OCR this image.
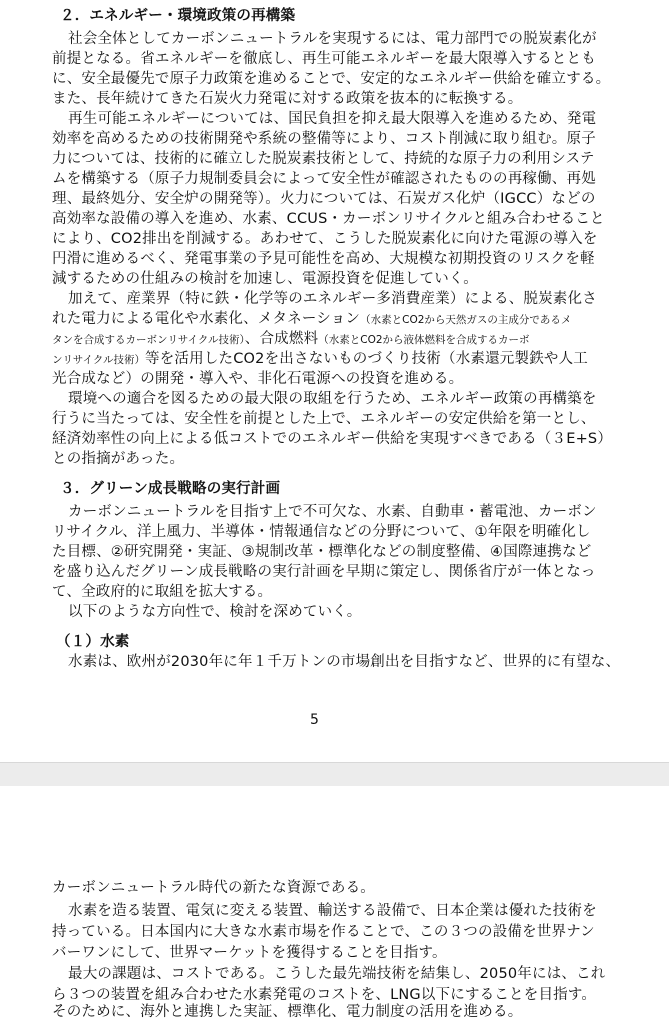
２．エネルギー・環境政策の再構築

社会全体としてカーボンニュートラルを実現するには、電力部門での脱炭素化が

前提となる。省エネルギーを徹底し、再生可能エネルギーを最大限導入するととも

に、安全最優先で原子力政策を進めることで、安定的なエネルギー供給を確立する。

また、長年続けてきた石炭火力発電に対する政策を抜本的に転換する。

再生可能エネルギーについては、国民負担を抑え最大限導入を進めるため、発電

効率を高めるための技術開発や系統の整備等により、コスト削減に取り組む。原子

力については、技術的に確立した脱炭素技術として、持続的な原子力の利用システ

ムを構築する（原子力規制委員会によって安全性が確認されたものの再稼働、再処

理、最終処分、安全炉の開発等）。火力については、石炭ガス化炉（IGCC）などの

高効率な設備の導入を進め、水素、CCUS・カーボンリサイクルと組み合わせること

により、CO2排出を削減する。あわせて、こうした脱炭素化に向けた電源の導入を

円滑に進めるべく、発電事業の予見可能性を高め、大規模な初期投資のリスクを軽

減するための仕組みの検討を加速し、電源投資を促進していく。

加えて、産業界（特に鉄・化学等のエネルギー多消費産業）による、脱炭素化さ

れた電力による電化や水素化、メタネーション（水素とCO2から天然ガスの主成分であるメ

タンを合成するカーボンリサイクル技術）、合成燃料（水素とCO2から液体燃料を合成するカーボ

ンリサイクル技術）等を活用したCO2を出さないものづくり技術（水素還元製鉄や人工

光合成など）の開発・導入や、非化石電源への投資を進める。

環境への適合を図るための最大限の取組を行うため、エネルギー政策の再構築を

行うに当たっては、安全性を前提とした上で、エネルギーの安定供給を第一とし、

経済効率性の向上による低コストでのエネルギー供給を実現すべきである（３E+S）

との指摘があった。

３．グリーン成長戦略の実行計画

カーボンニュートラルを目指す上で不可欠な、水素、自動車・蓄電池、カーボン

リサイクル、洋上風力、半導体・情報通信などの分野について、①年限を明確化し

た目標、②研究開発・実証、③規制改革・標準化などの制度整備、④国際連携など

を盛り込んだグリーン成長戦略の実行計画を早期に策定し、関係省庁が一体となっ

て、全政府的に取組を拡大する。

以下のような方向性で、検討を深めていく。

（１）水素

水素は、欧州が2030年に年１千万トンの市場創出を目指すなど、世界的に有望な、

5

カーボンニュートラル時代の新たな資源である。

水素を造る装置、電気に変える装置、輸送する設備で、日本企業は優れた技術を

持っている。日本国内に大きな水素市場を作ることで、この３つの設備を世界ナン

バーワンにして、世界マーケットを獲得することを目指す。

最大の課題は、コストである。こうした最先端技術を結集し、2050年には、これ

ら３つの装置を組み合わせた水素発電のコストを、LNG以下にすることを目指す。

そのために、海外と連携した実証、標準化、電力制度の活用を進める。
